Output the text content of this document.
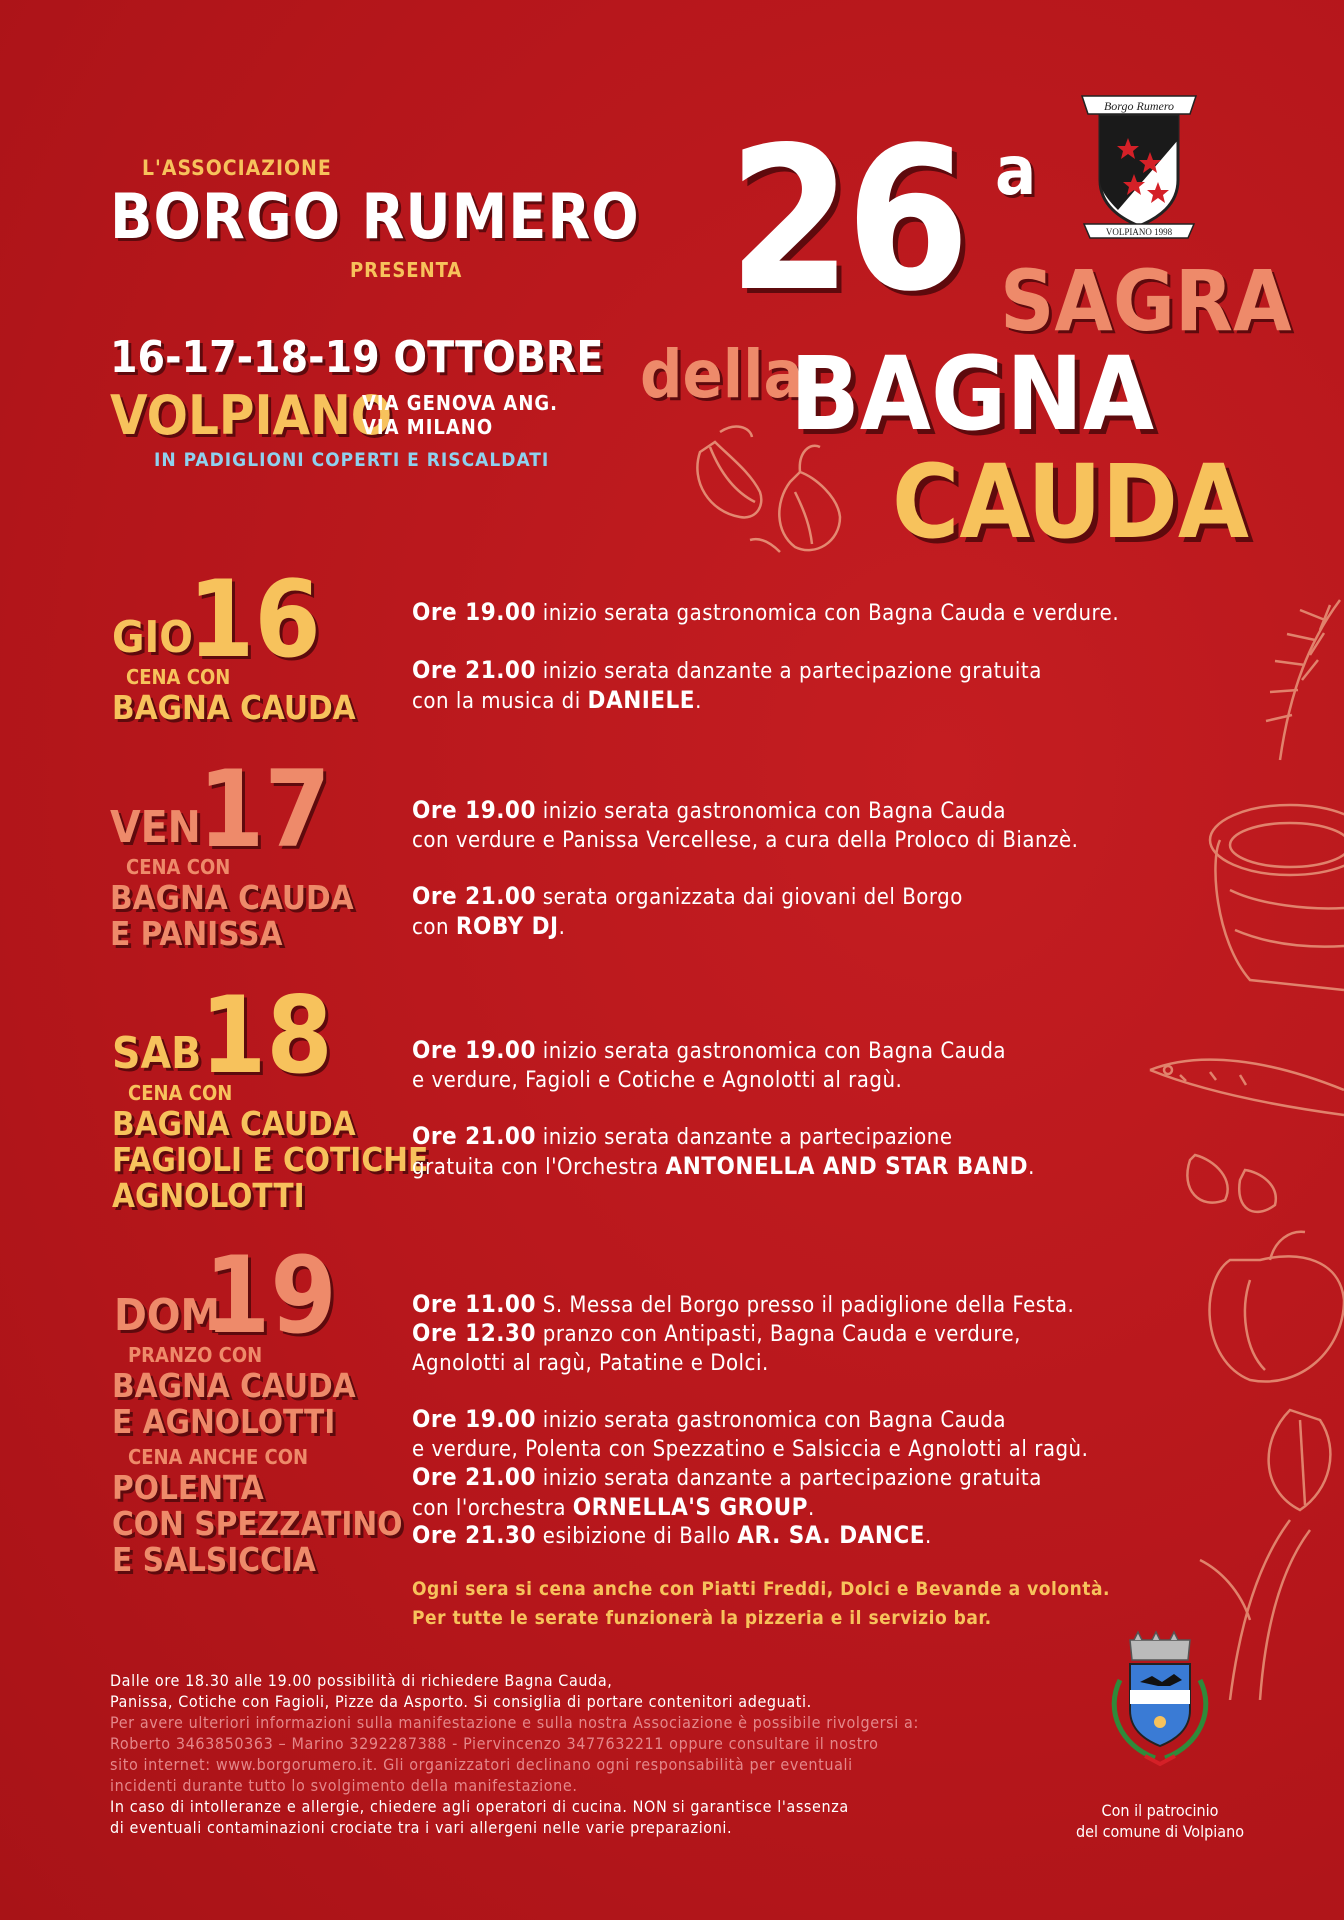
L'ASSOCIAZIONE
BORGO RUMERO
PRESENTA
16-17-18-19 OTTOBRE
VOLPIANO
VIA GENOVA ANG.
VIA MILANO
IN PADIGLIONI COPERTI E RISCALDATI
26 a
SAGRA
della
BAGNA
CAUDA
Borgo Rumero
VOLPIANO 1998
GIO
16
CENA CON
BAGNA CAUDA
Ore 19.00 inizio serata gastronomica con Bagna Cauda e verdure.
Ore 21.00 inizio serata danzante a partecipazione gratuita
con la musica di DANIELE.
VEN
17
CENA CON
BAGNA CAUDA
E PANISSA
Ore 19.00 inizio serata gastronomica con Bagna Cauda
con verdure e Panissa Vercellese, a cura della Proloco di Bianzè.
Ore 21.00 serata organizzata dai giovani del Borgo
con ROBY DJ.
SAB
18
CENA CON
BAGNA CAUDA
FAGIOLI E COTICHE
AGNOLOTTI
Ore 19.00 inizio serata gastronomica con Bagna Cauda
e verdure, Fagioli e Cotiche e Agnolotti al ragù.
Ore 21.00 inizio serata danzante a partecipazione
gratuita con l'Orchestra ANTONELLA AND STAR BAND.
DOM
19
PRANZO CON
BAGNA CAUDA
E AGNOLOTTI
CENA ANCHE CON
POLENTA
CON SPEZZATINO
E SALSICCIA
Ore 11.00 S. Messa del Borgo presso il padiglione della Festa.
Ore 12.30 pranzo con Antipasti, Bagna Cauda e verdure,
Agnolotti al ragù, Patatine e Dolci.
Ore 19.00 inizio serata gastronomica con Bagna Cauda
e verdure, Polenta con Spezzatino e Salsiccia e Agnolotti al ragù.
Ore 21.00 inizio serata danzante a partecipazione gratuita
con l'orchestra ORNELLA'S GROUP.
Ore 21.30 esibizione di Ballo AR. SA. DANCE.
Ogni sera si cena anche con Piatti Freddi, Dolci e Bevande a volontà.
Per tutte le serate funzionerà la pizzeria e il servizio bar.
Dalle ore 18.30 alle 19.00 possibilità di richiedere Bagna Cauda,
Panissa, Cotiche con Fagioli, Pizze da Asporto. Si consiglia di portare contenitori adeguati.
Per avere ulteriori informazioni sulla manifestazione e sulla nostra Associazione è possibile rivolgersi a:
Roberto 3463850363 – Marino 3292287388 - Piervincenzo 3477632211 oppure consultare il nostro
sito internet: www.borgorumero.it. Gli organizzatori declinano ogni responsabilità per eventuali
incidenti durante tutto lo svolgimento della manifestazione.
In caso di intolleranze e allergie, chiedere agli operatori di cucina. NON si garantisce l'assenza
di eventuali contaminazioni crociate tra i vari allergeni nelle varie preparazioni.
Con il patrocinio
del comune di Volpiano
